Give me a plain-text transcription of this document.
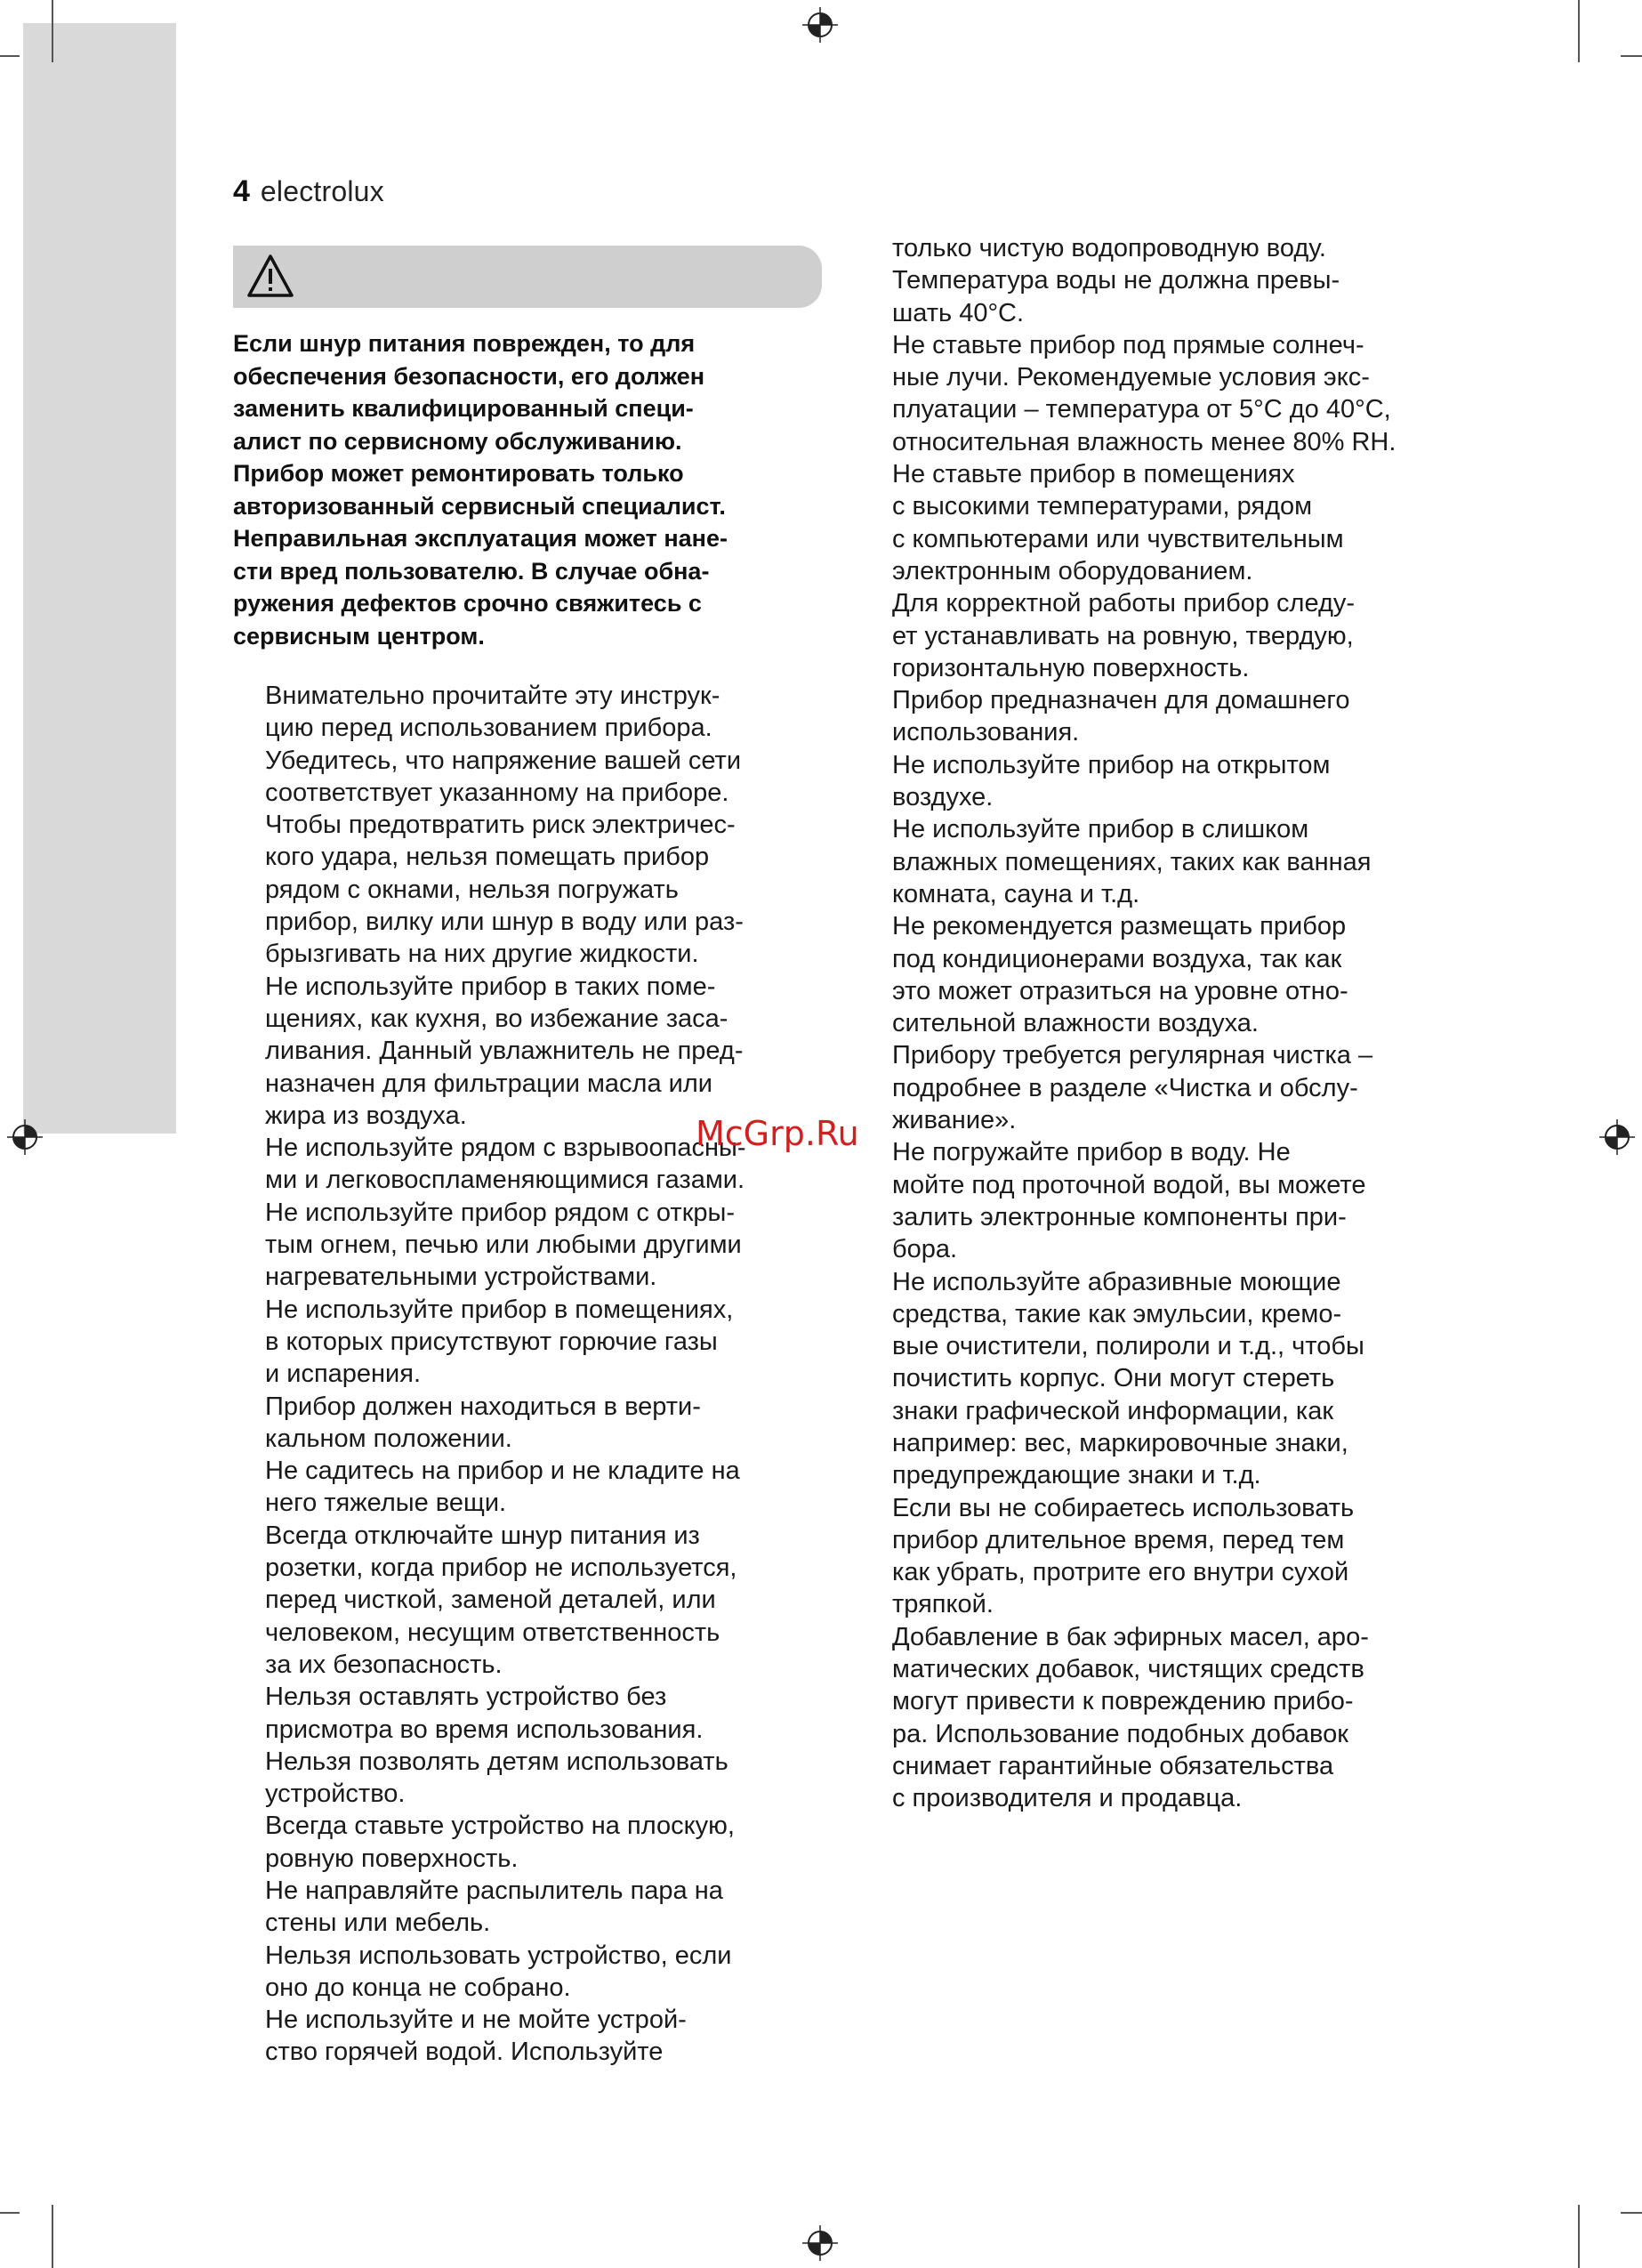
4 electrolux
Если шнур питания поврежден, то для
обеспечения безопасности, его должен
заменить квалифицированный специ-
алист по сервисному обслуживанию.
Прибор может ремонтировать только
авторизованный сервисный специалист.
Неправильная эксплуатация может нане-
сти вред пользователю. В случае обна-
ружения дефектов срочно свяжитесь с
сервисным центром.
Внимательно прочитайте эту инструк-
цию перед использованием прибора.
Убедитесь, что напряжение вашей сети
соответствует указанному на приборе.
Чтобы предотвратить риск электричес-
кого удара, нельзя помещать прибор
рядом с окнами, нельзя погружать
прибор, вилку или шнур в воду или раз-
брызгивать на них другие жидкости.
Не используйте прибор в таких поме-
щениях, как кухня, во избежание заса-
ливания. Данный увлажнитель не пред-
назначен для фильтрации масла или
жира из воздуха.
Не используйте рядом с взрывоопасны-
ми и легковоспламеняющимися газами.
Не используйте прибор рядом с откры-
тым огнем, печью или любыми другими
нагревательными устройствами.
Не используйте прибор в помещениях,
в которых присутствуют горючие газы
и испарения.
Прибор должен находиться в верти-
кальном положении.
Не садитесь на прибор и не кладите на
него тяжелые вещи.
Всегда отключайте шнур питания из
розетки, когда прибор не используется,
перед чисткой, заменой деталей, или
человеком, несущим ответственность
за их безопасность.
Нельзя оставлять устройство без
присмотра во время использования.
Нельзя позволять детям использовать
устройство.
Всегда ставьте устройство на плоскую,
ровную поверхность.
Не направляйте распылитель пара на
стены или мебель.
Нельзя использовать устройство, если
оно до конца не собрано.
Не используйте и не мойте устрой-
ство горячей водой. Используйте
только чистую водопроводную воду.
Температура воды не должна превы-
шать 40°С.
Не ставьте прибор под прямые солнеч-
ные лучи. Рекомендуемые условия экс-
плуатации – температура от 5°С до 40°С,
относительная влажность менее 80% RH.
Не ставьте прибор в помещениях
с высокими температурами, рядом
с компьютерами или чувствительным
электронным оборудованием.
Для корректной работы прибор следу-
ет устанавливать на ровную, твердую,
горизонтальную поверхность.
Прибор предназначен для домашнего
использования.
Не используйте прибор на открытом
воздухе.
Не используйте прибор в слишком
влажных помещениях, таких как ванная
комната, сауна и т.д.
Не рекомендуется размещать прибор
под кондиционерами воздуха, так как
это может отразиться на уровне отно-
сительной влажности воздуха.
Прибору требуется регулярная чистка –
подробнее в разделе «Чистка и обслу-
живание».
Не погружайте прибор в воду. Не
мойте под проточной водой, вы можете
залить электронные компоненты при-
бора.
Не используйте абразивные моющие
средства, такие как эмульсии, кремо-
вые очистители, полироли и т.д., чтобы
почистить корпус. Они могут стереть
знаки графической информации, как
например: вес, маркировочные знаки,
предупреждающие знаки и т.д.
Если вы не собираетесь использовать
прибор длительное время, перед тем
как убрать, протрите его внутри сухой
тряпкой.
Добавление в бак эфирных масел, аро-
матических добавок, чистящих средств
могут привести к повреждению прибо-
ра. Использование подобных добавок
снимает гарантийные обязательства
с производителя и продавца.
McGrp.Ru
